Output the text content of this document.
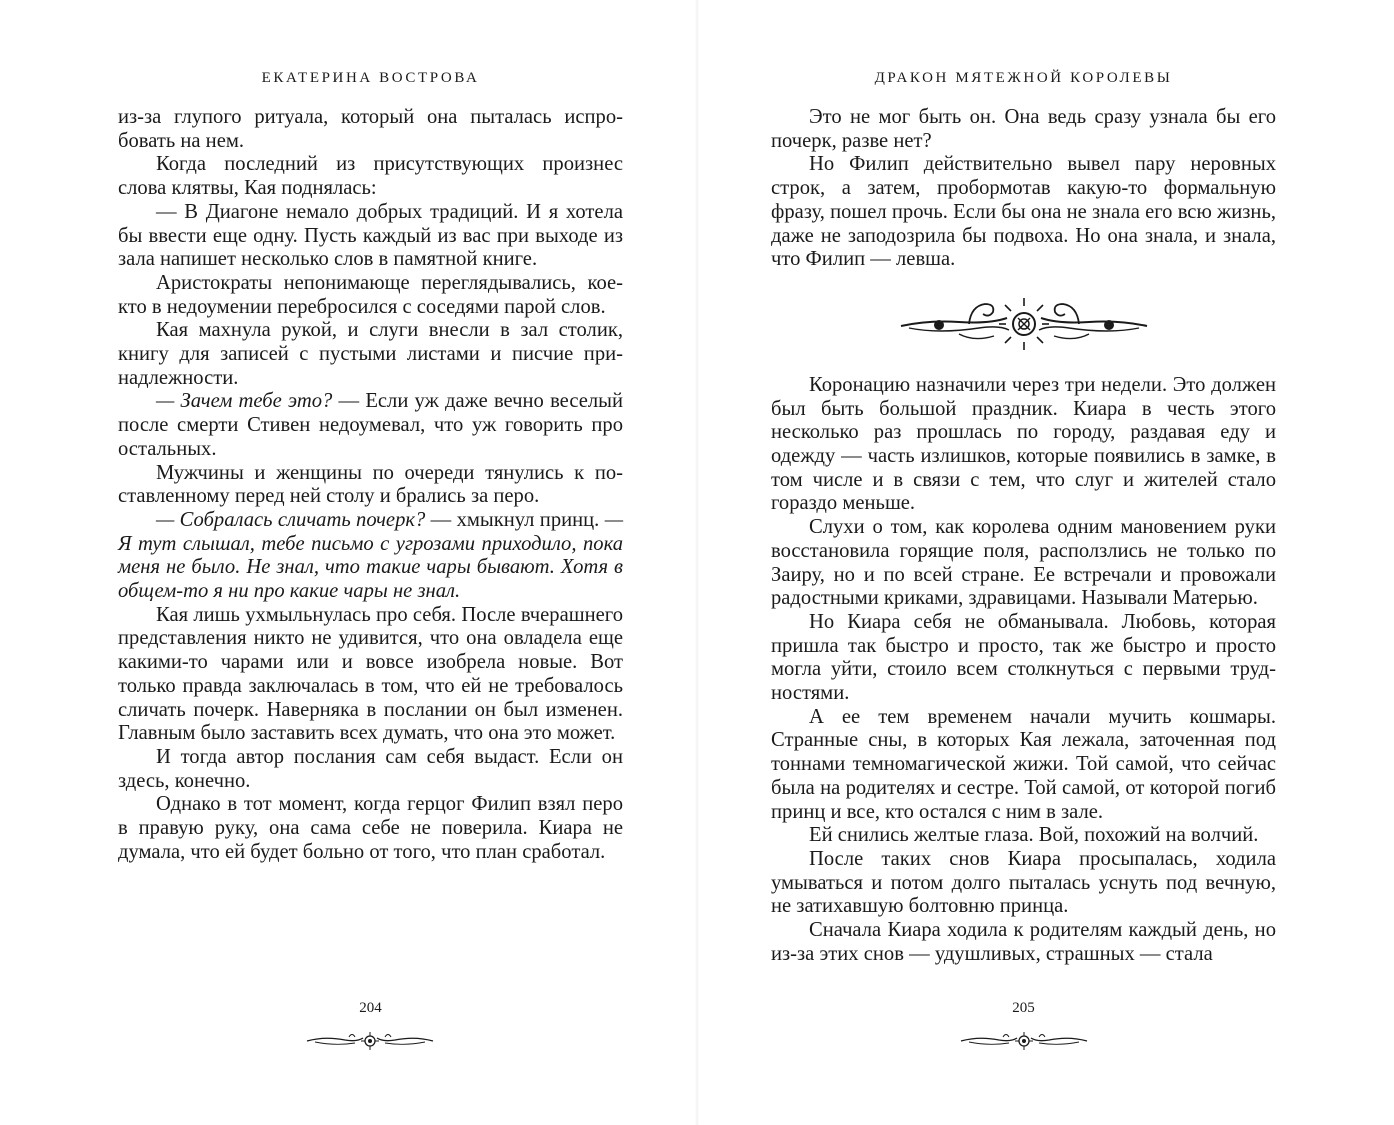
ЕКАТЕРИНА ВОСТРОВА

из-за глупого ритуала, который она пыталась испробовать на нем.

Когда последний из присутствующих произнес слова клятвы, Кая поднялась:

— В Диагоне немало добрых традиций. И я хотела бы ввести еще одну. Пусть каждый из вас при выходе из зала напишет несколько слов в памятной книге.

Аристократы непонимающе переглядывались, кое-кто в недоумении перебросился с соседями парой слов.

Кая махнула рукой, и слуги внесли в зал столик, книгу для записей с пустыми листами и писчие принадлежности.

— Зачем тебе это? — Если уж даже вечно веселый после смерти Стивен недоумевал, что уж говорить про остальных.

Мужчины и женщины по очереди тянулись к поставленному перед ней столу и брались за перо.

— Собралась сличать почерк? — хмыкнул принц. — Я тут слышал, тебе письмо с угрозами приходило, пока меня не было. Не знал, что такие чары бывают. Хотя в общем-то я ни про какие чары не знал.

Кая лишь ухмыльнулась про себя. После вчерашнего представления никто не удивится, что она овладела еще какими-то чарами или и вовсе изобрела новые. Вот только правда заключалась в том, что ей не требовалось сличать почерк. Наверняка в послании он был изменен. Главным было заставить всех думать, что она это может.

И тогда автор послания сам себя выдаст. Если он здесь, конечно.

Однако в тот момент, когда герцог Филип взял перо в правую руку, она сама себе не поверила. Киара не думала, что ей будет больно от того, что план сработал.

204
ДРАКОН МЯТЕЖНОЙ КОРОЛЕВЫ

Это не мог быть он. Она ведь сразу узнала бы его почерк, разве нет?

Но Филип действительно вывел пару неровных строк, а затем, пробормотав какую-то формальную фразу, пошел прочь. Если бы она не знала его всю жизнь, даже не заподозрила бы подвоха. Но она знала, и знала, что Филип — левша.

Коронацию назначили через три недели. Это должен был быть большой праздник. Киара в честь этого несколько раз прошлась по городу, раздавая еду и одежду — часть излишков, которые появились в замке, в том числе и в связи с тем, что слуг и жителей стало гораздо меньше.

Слухи о том, как королева одним мановением руки восстановила горящие поля, расползлись не только по Заиру, но и по всей стране. Ее встречали и провожали радостными криками, здравицами. Называли Матерью.

Но Киара себя не обманывала. Любовь, которая пришла так быстро и просто, так же быстро и просто могла уйти, стоило всем столкнуться с первыми трудностями.

А ее тем временем начали мучить кошмары. Странные сны, в которых Кая лежала, заточенная под тоннами темномагической жижи. Той самой, что сейчас была на родителях и сестре. Той самой, от которой погиб принц и все, кто остался с ним в зале.

Ей снились желтые глаза. Вой, похожий на волчий.

После таких снов Киара просыпалась, ходила умываться и потом долго пыталась уснуть под вечную, не затихавшую болтовню принца.

Сначала Киара ходила к родителям каждый день, но из-за этих снов — удушливых, страшных — стала

205
